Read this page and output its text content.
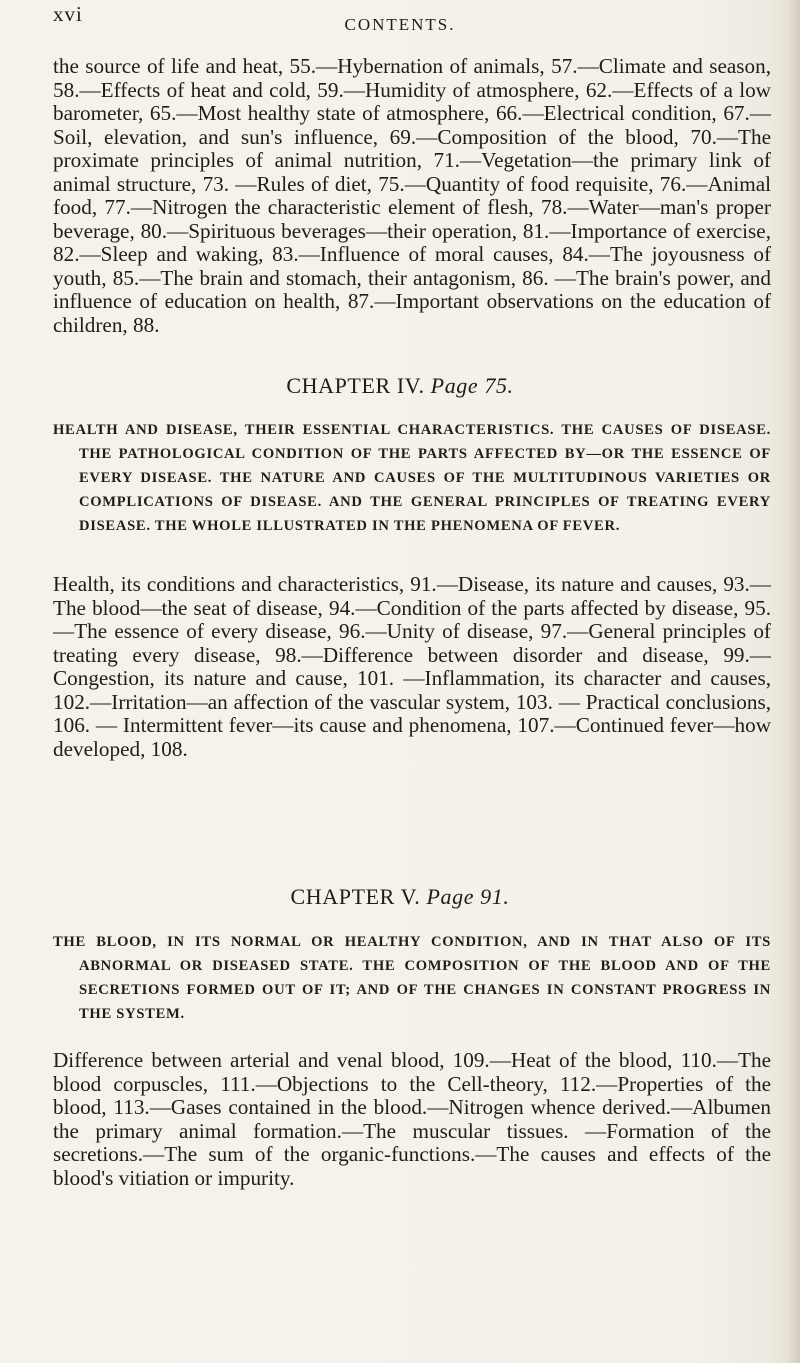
xvi	CONTENTS.

the source of life and heat, 55.—Hybernation of animals, 57.—Climate and season, 58.—Effects of heat and cold, 59.—Humidity of atmosphere, 62.—Effects of a low barometer, 65.—Most healthy state of atmosphere, 66.—Electrical condition, 67.—Soil, elevation, and sun's influence, 69.—Composition of the blood, 70.—The proximate principles of animal nutrition, 71.—Vegetation—the primary link of animal structure, 73. —Rules of diet, 75.—Quantity of food requisite, 76.—Animal food, 77.—Nitrogen the characteristic element of flesh, 78.—Water—man's proper beverage, 80.—Spirituous beverages—their operation, 81.—Importance of exercise, 82.—Sleep and waking, 83.—Influence of moral causes, 84.—The joyousness of youth, 85.—The brain and stomach, their antagonism, 86. —The brain's power, and influence of education on health, 87.—Important observations on the education of children, 88.

CHAPTER IV. Page 75.

HEALTH AND DISEASE, THEIR ESSENTIAL CHARACTERISTICS. THE CAUSES OF DISEASE. THE PATHOLOGICAL CONDITION OF THE PARTS AFFECTED BY—OR THE ESSENCE OF EVERY DISEASE. THE NATURE AND CAUSES OF THE MULTITUDINOUS VARIETIES OR COMPLICATIONS OF DISEASE. AND THE GENERAL PRINCIPLES OF TREATING EVERY DISEASE. THE WHOLE ILLUSTRATED IN THE PHENOMENA OF FEVER.

Health, its conditions and characteristics, 91.—Disease, its nature and causes, 93.—The blood—the seat of disease, 94.—Condition of the parts affected by disease, 95.—The essence of every disease, 96.—Unity of disease, 97.—General principles of treating every disease, 98.—Difference between disorder and disease, 99.—Congestion, its nature and cause, 101. —Inflammation, its character and causes, 102.—Irritation—an affection of the vascular system, 103. — Practical conclusions, 106. — Intermittent fever—its cause and phenomena, 107.—Continued fever—how developed, 108.

CHAPTER V. Page 91.

THE BLOOD, IN ITS NORMAL OR HEALTHY CONDITION, AND IN THAT ALSO OF ITS ABNORMAL OR DISEASED STATE. THE COMPOSITION OF THE BLOOD AND OF THE SECRETIONS FORMED OUT OF IT; AND OF THE CHANGES IN CONSTANT PROGRESS IN THE SYSTEM.

Difference between arterial and venal blood, 109.—Heat of the blood, 110.—The blood corpuscles, 111.—Objections to the Cell-theory, 112.—Properties of the blood, 113.—Gases contained in the blood.—Nitrogen whence derived.—Albumen the primary animal formation.—The muscular tissues. —Formation of the secretions.—The sum of the organic-functions.—The causes and effects of the blood's vitiation or impurity.
